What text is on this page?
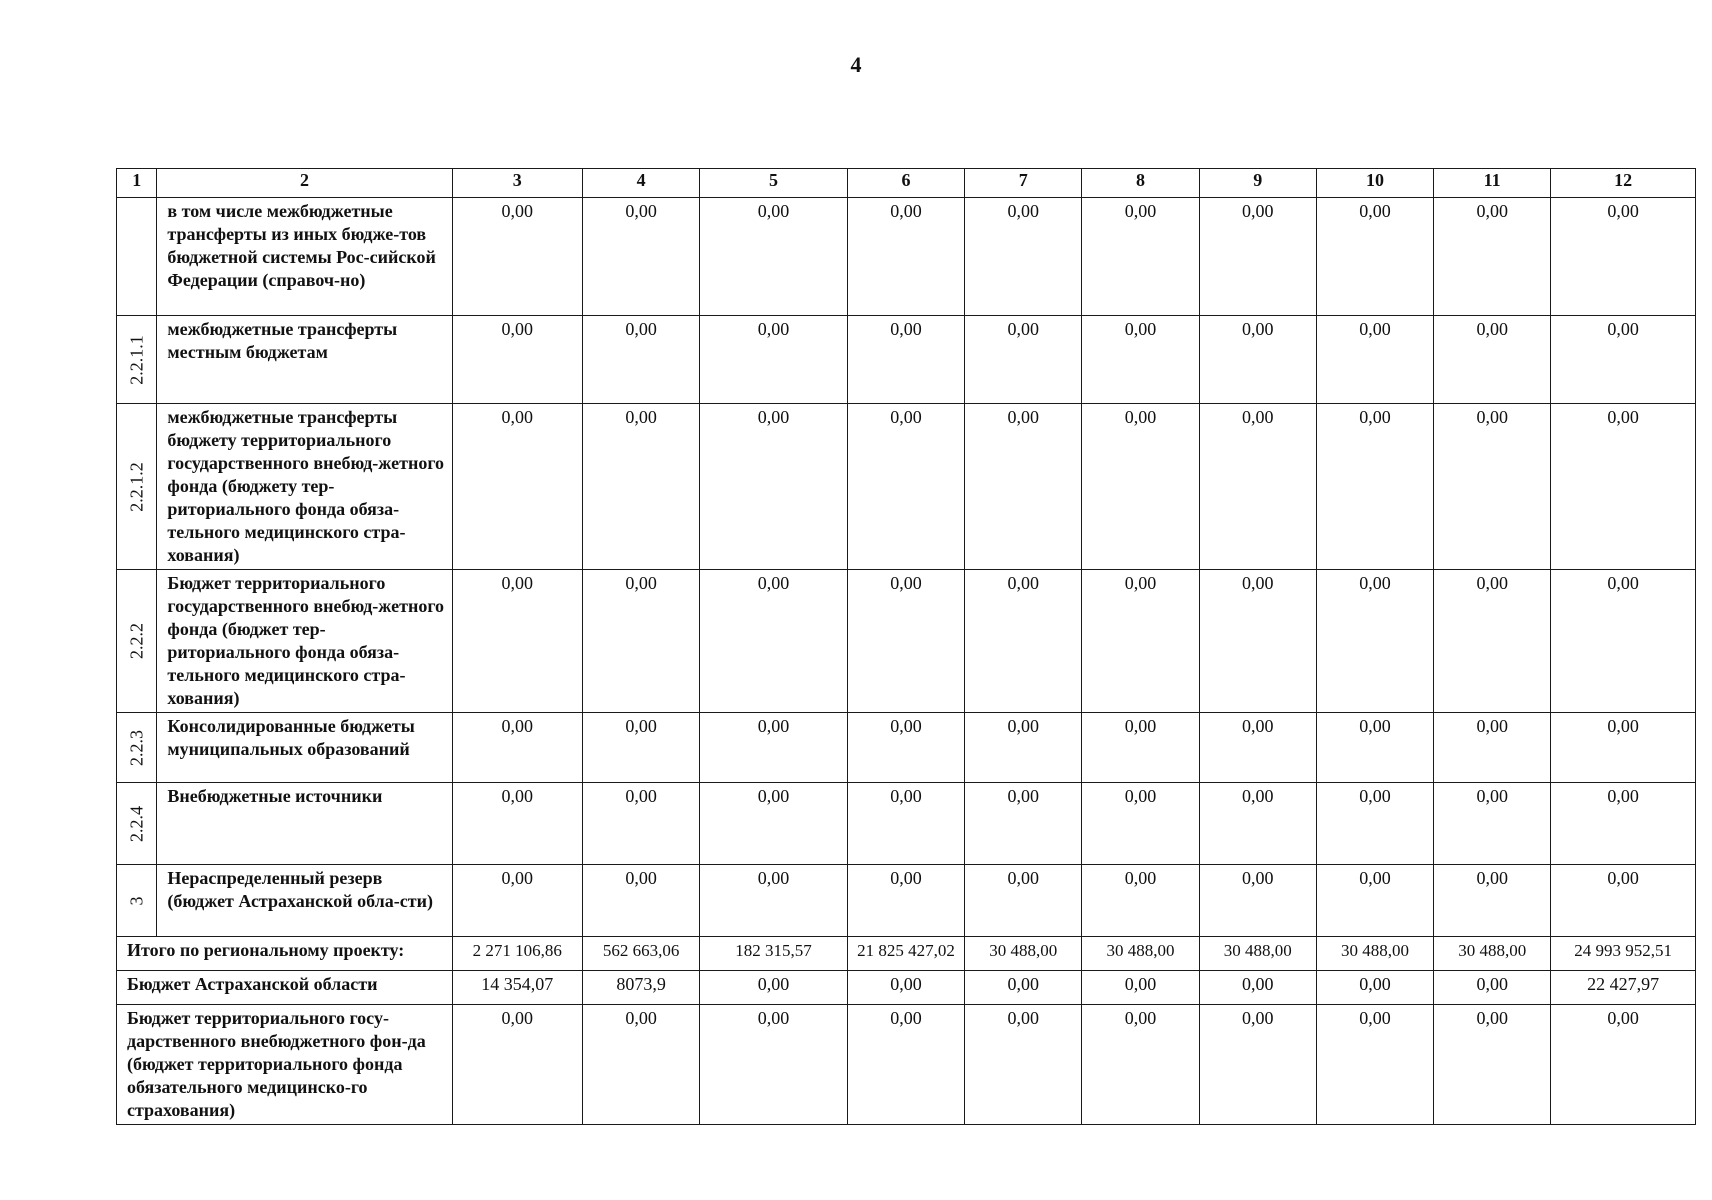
4
1	2	3	4	5	6	7	8	9	10	11	12

	в том числе межбюджетные трансферты из иных бюдже-тов бюджетной системы Рос-сийской Федерации (справоч-но)	0,00	0,00	0,00	0,00	0,00	0,00	0,00	0,00	0,00	0,00

2.2.1.1	межбюджетные трансферты местным бюджетам	0,00	0,00	0,00	0,00	0,00	0,00	0,00	0,00	0,00	0,00

2.2.1.2	межбюджетные трансферты бюджету территориального государственного внебюд-жетного фонда (бюджету тер-риториального фонда обяза-тельного медицинского стра-хования)	0,00	0,00	0,00	0,00	0,00	0,00	0,00	0,00	0,00	0,00

2.2.2	Бюджет территориального государственного внебюд-жетного фонда (бюджет тер-риториального фонда обяза-тельного медицинского стра-хования)	0,00	0,00	0,00	0,00	0,00	0,00	0,00	0,00	0,00	0,00

2.2.3	Консолидированные бюджеты муниципальных образований	0,00	0,00	0,00	0,00	0,00	0,00	0,00	0,00	0,00	0,00

2.2.4	Внебюджетные источники	0,00	0,00	0,00	0,00	0,00	0,00	0,00	0,00	0,00	0,00

3	Нераспределенный резерв (бюджет Астраханской обла-сти)	0,00	0,00	0,00	0,00	0,00	0,00	0,00	0,00	0,00	0,00
Итого по региональному проекту:		2 271 106,86	562 663,06	182 315,57	21 825 427,02	30 488,00	30 488,00	30 488,00	30 488,00	30 488,00	24 993 952,51
Бюджет Астраханской области		14 354,07	8073,9	0,00	0,00	0,00	0,00	0,00	0,00	0,00	22 427,97
Бюджет территориального госу-дарственного внебюджетного фон-да (бюджет территориального фонда обязательного медицинско-го страхования)		0,00	0,00	0,00	0,00	0,00	0,00	0,00	0,00	0,00	0,00
